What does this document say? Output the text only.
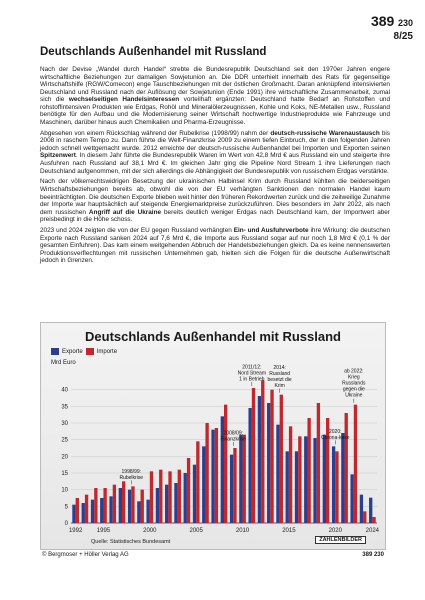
389 230
8/25
Deutschlands Außenhandel mit Russland

Nach der Devise „Wandel durch Handel“ strebte die Bundesrepublik Deutschland seit den 1970er Jahren engere wirtschaftliche Beziehungen zur damaligen Sowjetunion an. Die DDR unterhielt innerhalb des Rats für gegenseitige Wirtschaftshilfe (RGW/Comecon) enge Tauschbeziehungen mit der östlichen Großmacht. Daran anknüpfend intensivierten Deutschland und Russland nach der Auflösung der Sowjetunion (Ende 1991) ihre wirtschaftliche Zusammenarbeit, zumal sich die wechselseitigen Handelsinteressen vorteilhaft ergänzten: Deutschland hatte Bedarf an Rohstoffen und rohstoffintensiven Produkten wie Erdgas, Rohöl und Mineralölerzeugnissen, Kohle und Koks, NE-Metallen usw., Russland benötigte für den Aufbau und die Modernisierung seiner Wirtschaft hochwertige Industrieprodukte wie Fahrzeuge und Maschinen, darüber hinaus auch Chemikalien und Pharma-Erzeugnisse.

Abgesehen von einem Rückschlag während der Rubelkrise (1998/99) nahm der deutsch-russische Warenaustausch bis 2008 in raschem Tempo zu. Dann führte die Welt-Finanzkrise 2009 zu einem tiefen Einbruch, der in den folgenden Jahren jedoch schnell wettgemacht wurde. 2012 erreichte der deutsch-russische Außenhandel bei Importen und Exporten seinen Spitzenwert. In diesem Jahr führte die Bundesrepublik Waren im Wert von 42,8 Mrd € aus Russland ein und steigerte ihre Ausfuhren nach Russland auf 38,1 Mrd €. Im gleichen Jahr ging die Pipeline Nord Stream 1 ihre Lieferungen nach Deutschland aufgenommen, mit der sich allerdings die Abhängigkeit der Bundesrepublik von russischem Erdgas verstärkte.

Nach der völkerrechtswidrigen Besetzung der ukrainischen Halbinsel Krim durch Russland kühlten die beiderseitigen Wirtschaftsbeziehungen bereits ab, obwohl die von der EU verhängten Sanktionen den normalen Handel kaum beeinträchtigten. Die deutschen Exporte blieben weit hinter den früheren Rekordwerten zurück und die zeitweilige Zunahme der Importe war hauptsächlich auf steigende Energiemarktpreise zurückzuführen. Dies besonders im Jahr 2022, als nach dem russischen Angriff auf die Ukraine bereits deutlich weniger Erdgas nach Deutschland kam, der Importwert aber preisbedingt in die Höhe schoss.

2023 und 2024 zeigten die von der EU gegen Russland verhängten Ein- und Ausfuhrverbote ihre Wirkung: die deutschen Exporte nach Russland sanken 2024 auf 7,6 Mrd €, die Importe aus Russland sogar auf nur noch 1,8 Mrd € (0,1 % der gesamten Einfuhren). Das kam einem weitgehenden Abbruch der Handelsbeziehungen gleich. Da es keine nennenswerten Produktionsverflechtungen mit russischen Unternehmen gab, hielten sich die Folgen für die deutsche Außenwirtschaft jedoch in Grenzen.

Deutschlands Außenhandel mit Russland
Exporte Importe
Mrd Euro
0
5
10
15
20
25
30
35
40
1992 1995	2000	2005	2010	2015	2020	2024
1998/99: Rubelkrise
2008/09: Finanzkrise
2011/12: Nord Stream 1 in Betrieb
2014: Russland besetzt die Krim
2020: Corona-krise
ab 2022: Krieg Russlands gegen die Ukraine
Quelle: Statistisches Bundesamt	ZAHLENBILDER
© Bergmoser + Höller Verlag AG	389 230
